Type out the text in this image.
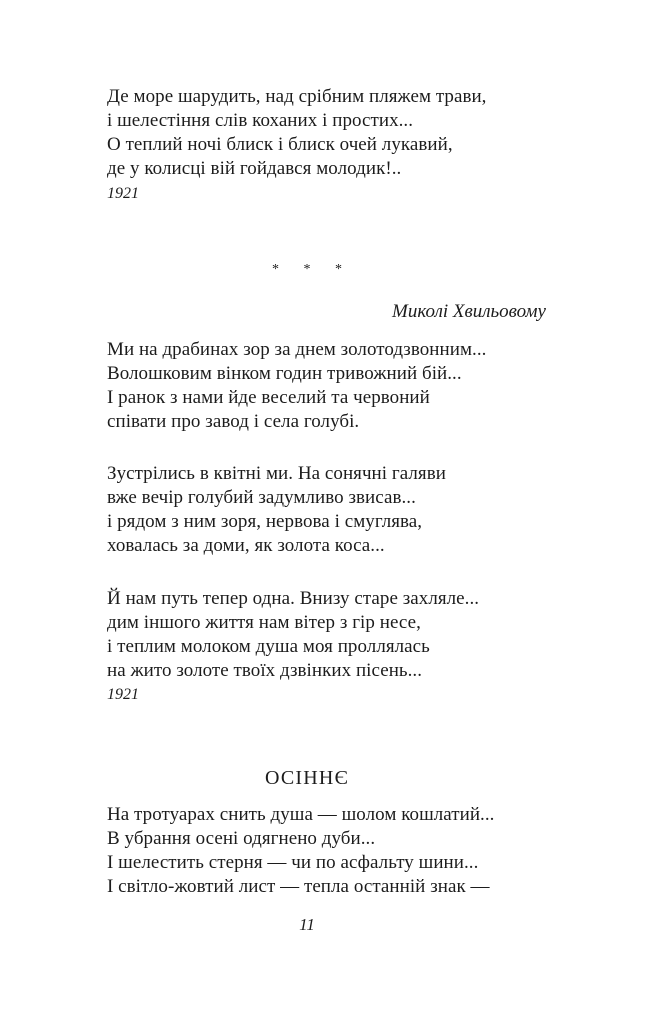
Де море шарудить, над срібним пляжем трави,
і шелестіння слів коханих і простих...
О теплий ночі блиск і блиск очей лукавий,
де у колисці вій гойдався молодик!..
1921
* * *
Миколі Хвильовому
Ми на драбинах зор за днем золотодзвонним...
Волошковим вінком годин тривожний бій...
І ранок з нами йде веселий та червоний
співати про завод і села голубі.
Зустрілись в квітні ми. На сонячні галяви
вже вечір голубий задумливо звисав...
і рядом з ним зоря, нервова і смуглява,
ховалась за доми, як золота коса...
Й нам путь тепер одна. Внизу старе захляле...
дим іншого життя нам вітер з гір несе,
і теплим молоком душа моя проллялась
на жито золоте твоїх дзвінких пісень...
1921
ОСІННЄ
На тротуарах снить душа — шолом кошлатий...
В убрання осені одягнено дуби...
І шелестить стерня — чи по асфальту шини...
І світло-жовтий лист — тепла останній знак —
11
